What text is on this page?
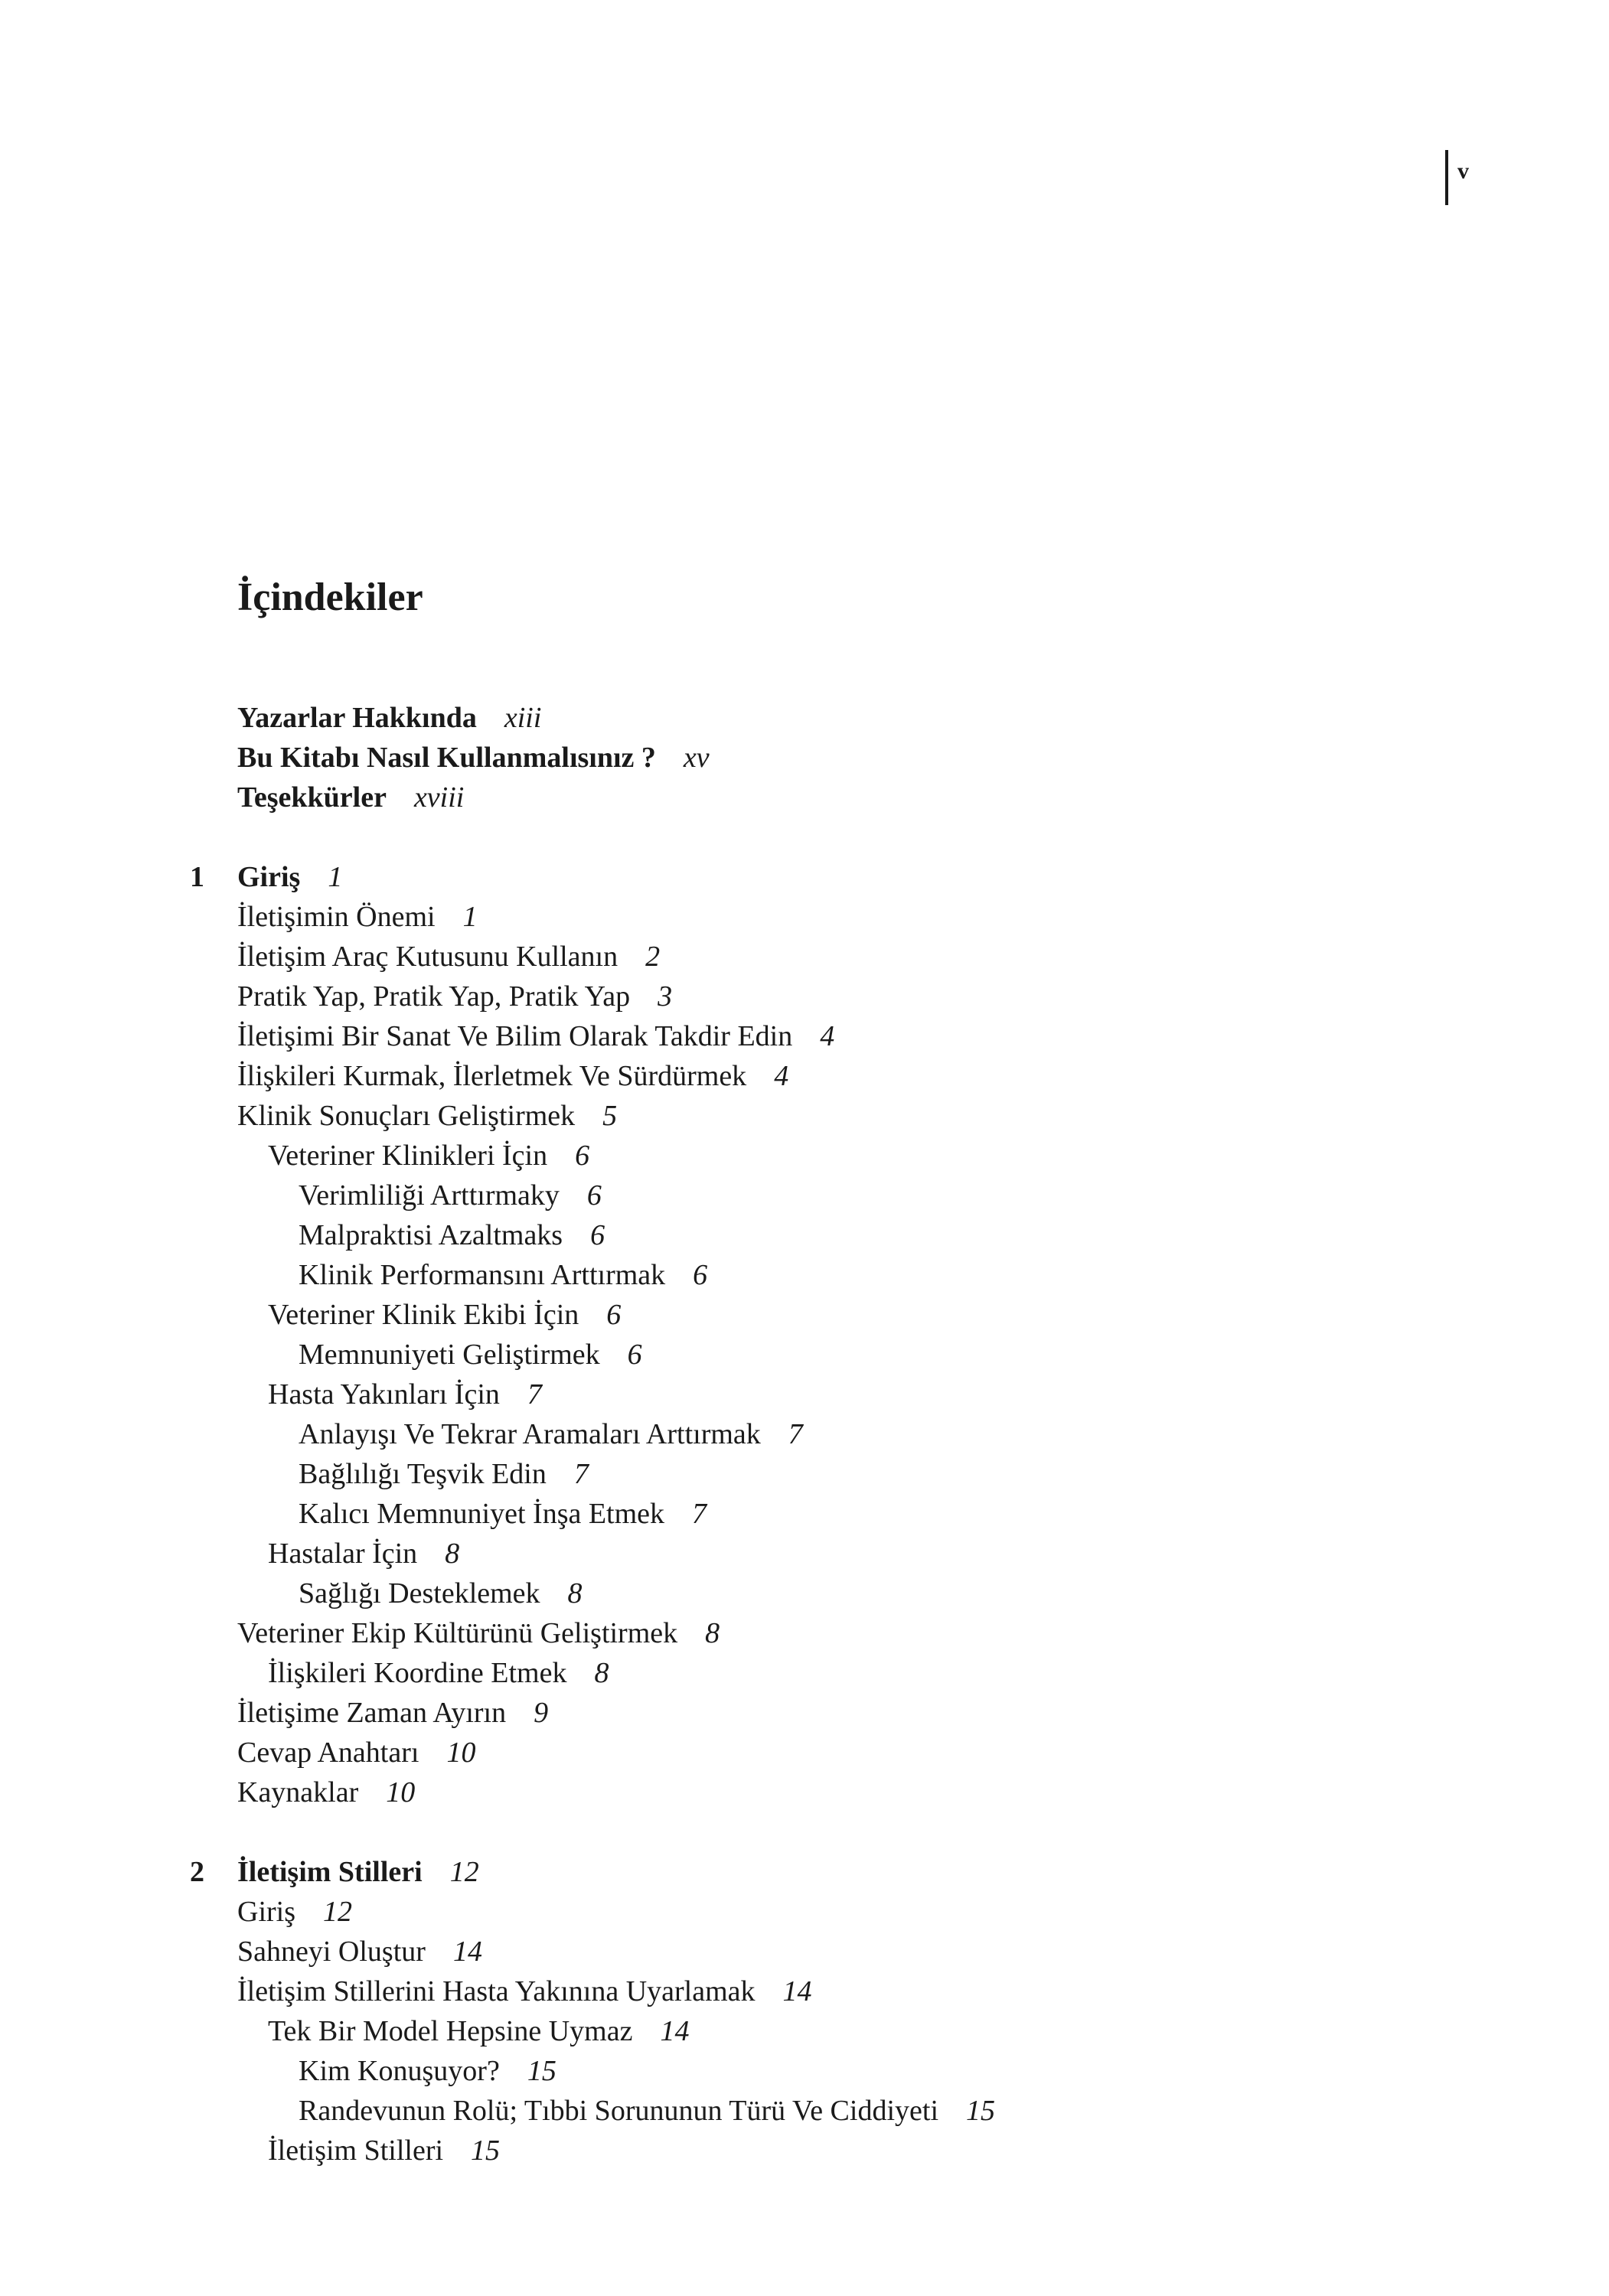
v
İçindekiler
Yazarlar Hakkında xiii
Bu Kitabı Nasıl Kullanmalısınız ? xv
Teşekkürler xviii
1 Giriş 1
İletişimin Önemi 1
İletişim Araç Kutusunu Kullanın 2
Pratik Yap, Pratik Yap, Pratik Yap 3
İletişimi Bir Sanat Ve Bilim Olarak Takdir Edin 4
İlişkileri Kurmak, İlerletmek Ve Sürdürmek 4
Klinik Sonuçları Geliştirmek 5
Veteriner Klinikleri İçin 6
Verimliliği Arttırmaky 6
Malpraktisi Azaltmaks 6
Klinik Performansını Arttırmak 6
Veteriner Klinik Ekibi İçin 6
Memnuniyeti Geliştirmek 6
Hasta Yakınları İçin 7
Anlayışı Ve Tekrar Aramaları Arttırmak 7
Bağlılığı Teşvik Edin 7
Kalıcı Memnuniyet İnşa Etmek 7
Hastalar İçin 8
Sağlığı Desteklemek 8
Veteriner Ekip Kültürünü Geliştirmek 8
İlişkileri Koordine Etmek 8
İletişime Zaman Ayırın 9
Cevap Anahtarı 10
Kaynaklar 10
2 İletişim Stilleri 12
Giriş 12
Sahneyi Oluştur 14
İletişim Stillerini Hasta Yakınına Uyarlamak 14
Tek Bir Model Hepsine Uymaz 14
Kim Konuşuyor? 15
Randevunun Rolü; Tıbbi Sorununun Türü Ve Ciddiyeti 15
İletişim Stilleri 15
